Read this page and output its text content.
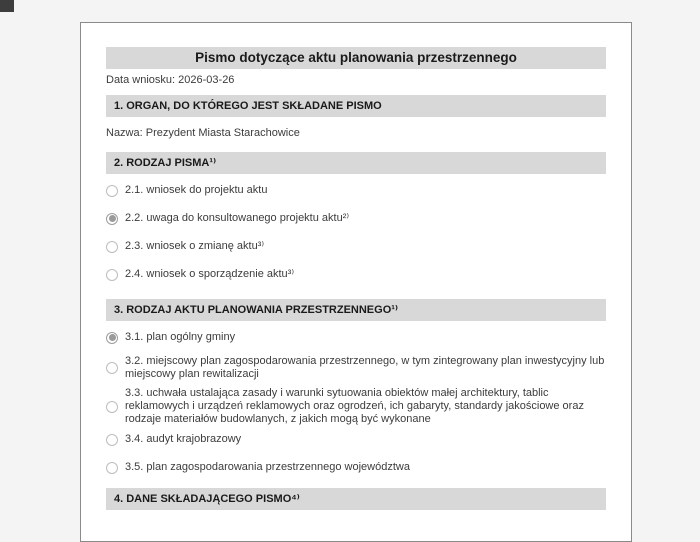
Pismo dotyczące aktu planowania przestrzennego
Data wniosku: 2026-03-26
1. ORGAN, DO KTÓREGO JEST SKŁADANE PISMO
Nazwa: Prezydent Miasta Starachowice
2. RODZAJ PISMA¹⁾
2.1. wniosek do projektu aktu
2.2. uwaga do konsultowanego projektu aktu²⁾
2.3. wniosek o zmianę aktu³⁾
2.4. wniosek o sporządzenie aktu³⁾
3. RODZAJ AKTU PLANOWANIA PRZESTRZENNEGO¹⁾
3.1. plan ogólny gminy
3.2. miejscowy plan zagospodarowania przestrzennego, w tym zintegrowany plan inwestycyjny lub miejscowy plan rewitalizacji
3.3. uchwała ustalająca zasady i warunki sytuowania obiektów małej architektury, tablic reklamowych i urządzeń reklamowych oraz ogrodzeń, ich gabaryty, standardy jakościowe oraz rodzaje materiałów budowlanych, z jakich mogą być wykonane
3.4. audyt krajobrazowy
3.5. plan zagospodarowania przestrzennego województwa
4. DANE SKŁADAJĄCEGO PISMO⁴⁾
